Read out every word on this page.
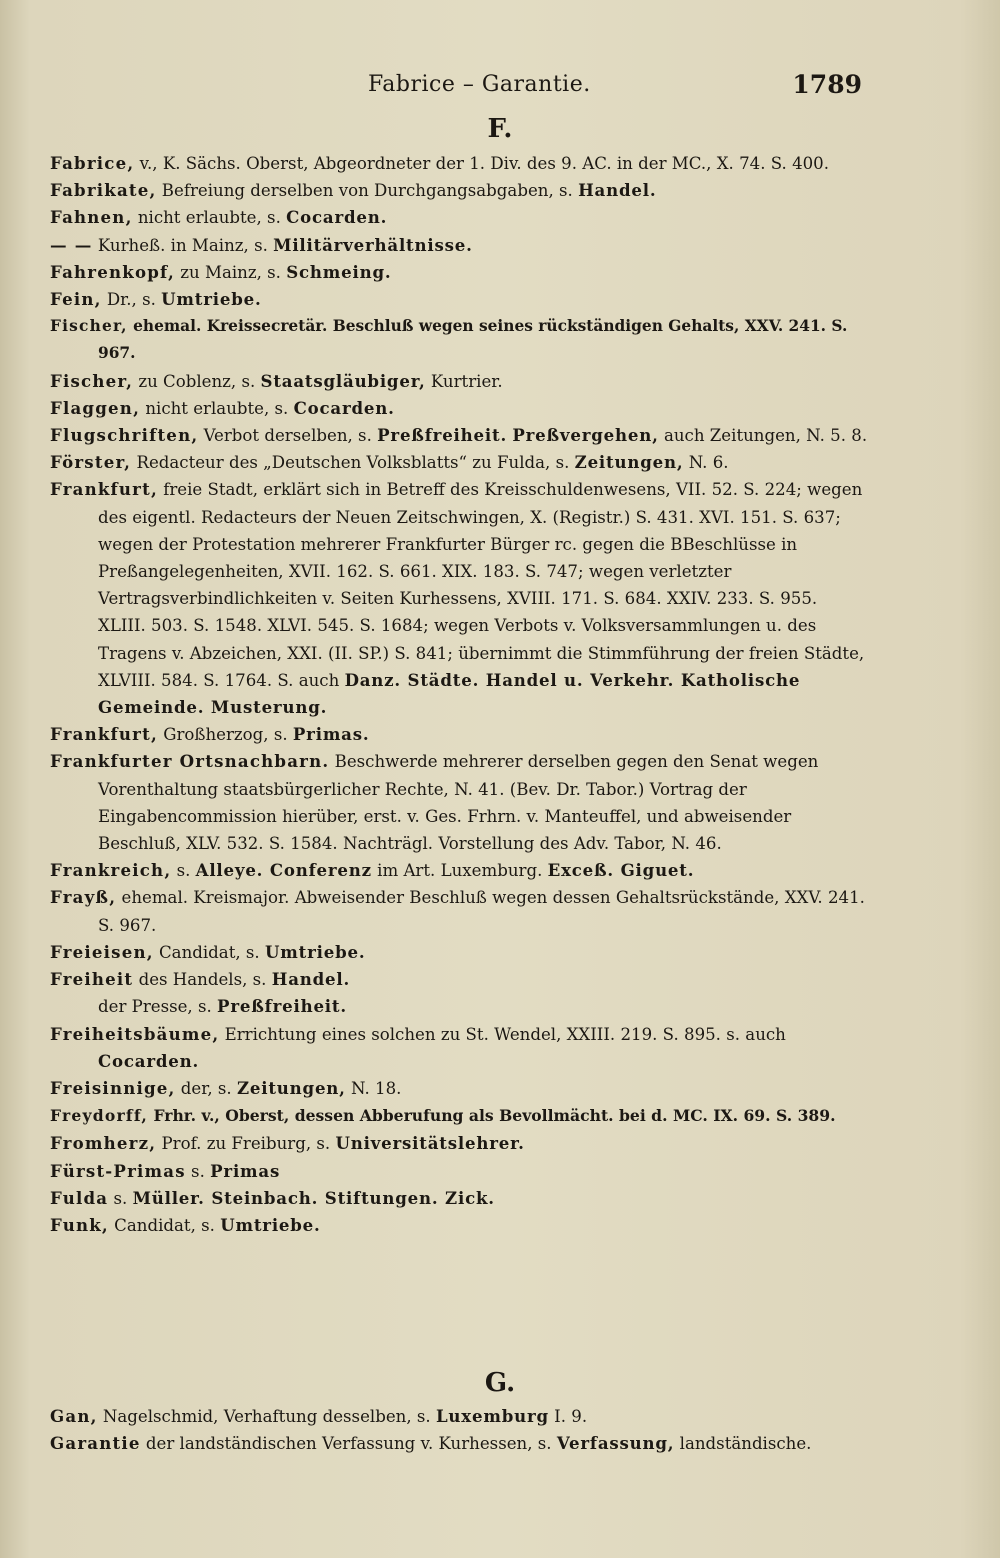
Fabrice – Garantie.	1789
F.

Fabrice, v., K. Sächs. Oberst, Abgeordneter der 1. Div. des 9. AC. in der MC., X. 74. S. 400.

Fabrikate, Befreiung derselben von Durchgangsabgaben, s. Handel.

Fahnen, nicht erlaubte, s. Cocarden.

— — Kurheß. in Mainz, s. Militärverhältnisse.

Fahrenkopf, zu Mainz, s. Schmeing.

Fein, Dr., s. Umtriebe.

Fischer, ehemal. Kreissecretär. Beschluß wegen seines rückständigen Gehalts, XXV. 241. S. 967.

Fischer, zu Coblenz, s. Staatsgläubiger, Kurtrier.

Flaggen, nicht erlaubte, s. Cocarden.

Flugschriften, Verbot derselben, s. Preßfreiheit. Preßvergehen, auch Zeitungen, N. 5. 8.

Förster, Redacteur des „Deutschen Volksblatts“ zu Fulda, s. Zeitungen, N. 6.

Frankfurt, freie Stadt, erklärt sich in Betreff des Kreisschuldenwesens, VII. 52. S. 224; wegen des eigentl. Redacteurs der Neuen Zeitschwingen, X. (Registr.) S. 431. XVI. 151. S. 637; wegen der Protestation mehrerer Frankfurter Bürger rc. gegen die BBeschlüsse in Preßangelegenheiten, XVII. 162. S. 661. XIX. 183. S. 747; wegen verletzter Vertragsverbindlichkeiten v. Seiten Kurhessens, XVIII. 171. S. 684. XXIV. 233. S. 955. XLIII. 503. S. 1548. XLVI. 545. S. 1684; wegen Verbots v. Volksversammlungen u. des Tragens v. Abzeichen, XXI. (II. SP.) S. 841; übernimmt die Stimmführung der freien Städte, XLVIII. 584. S. 1764. S. auch Danz. Städte. Handel u. Verkehr. Katholische Gemeinde. Musterung.

Frankfurt, Großherzog, s. Primas.

Frankfurter Ortsnachbarn. Beschwerde mehrerer derselben gegen den Senat wegen Vorenthaltung staatsbürgerlicher Rechte, N. 41. (Bev. Dr. Tabor.) Vortrag der Eingabencommission hierüber, erst. v. Ges. Frhrn. v. Manteuffel, und abweisender Beschluß, XLV. 532. S. 1584. Nachträgl. Vorstellung des Adv. Tabor, N. 46.

Frankreich, s. Alleye. Conferenz im Art. Luxemburg. Exceß. Giguet.

Frayß, ehemal. Kreismajor. Abweisender Beschluß wegen dessen Gehaltsrückstände, XXV. 241. S. 967.

Freieisen, Candidat, s. Umtriebe.

Freiheit des Handels, s. Handel.

der Presse, s. Preßfreiheit.

Freiheitsbäume, Errichtung eines solchen zu St. Wendel, XXIII. 219. S. 895. s. auch Cocarden.

Freisinnige, der, s. Zeitungen, N. 18.

Freydorff, Frhr. v., Oberst, dessen Abberufung als Bevollmächt. bei d. MC. IX. 69. S. 389.

Fromherz, Prof. zu Freiburg, s. Universitätslehrer.

Fürst-Primas s. Primas

Fulda s. Müller. Steinbach. Stiftungen. Zick.

Funk, Candidat, s. Umtriebe.

G.

Gan, Nagelschmid, Verhaftung desselben, s. Luxemburg I. 9.

Garantie der landständischen Verfassung v. Kurhessen, s. Verfassung, landständische.
